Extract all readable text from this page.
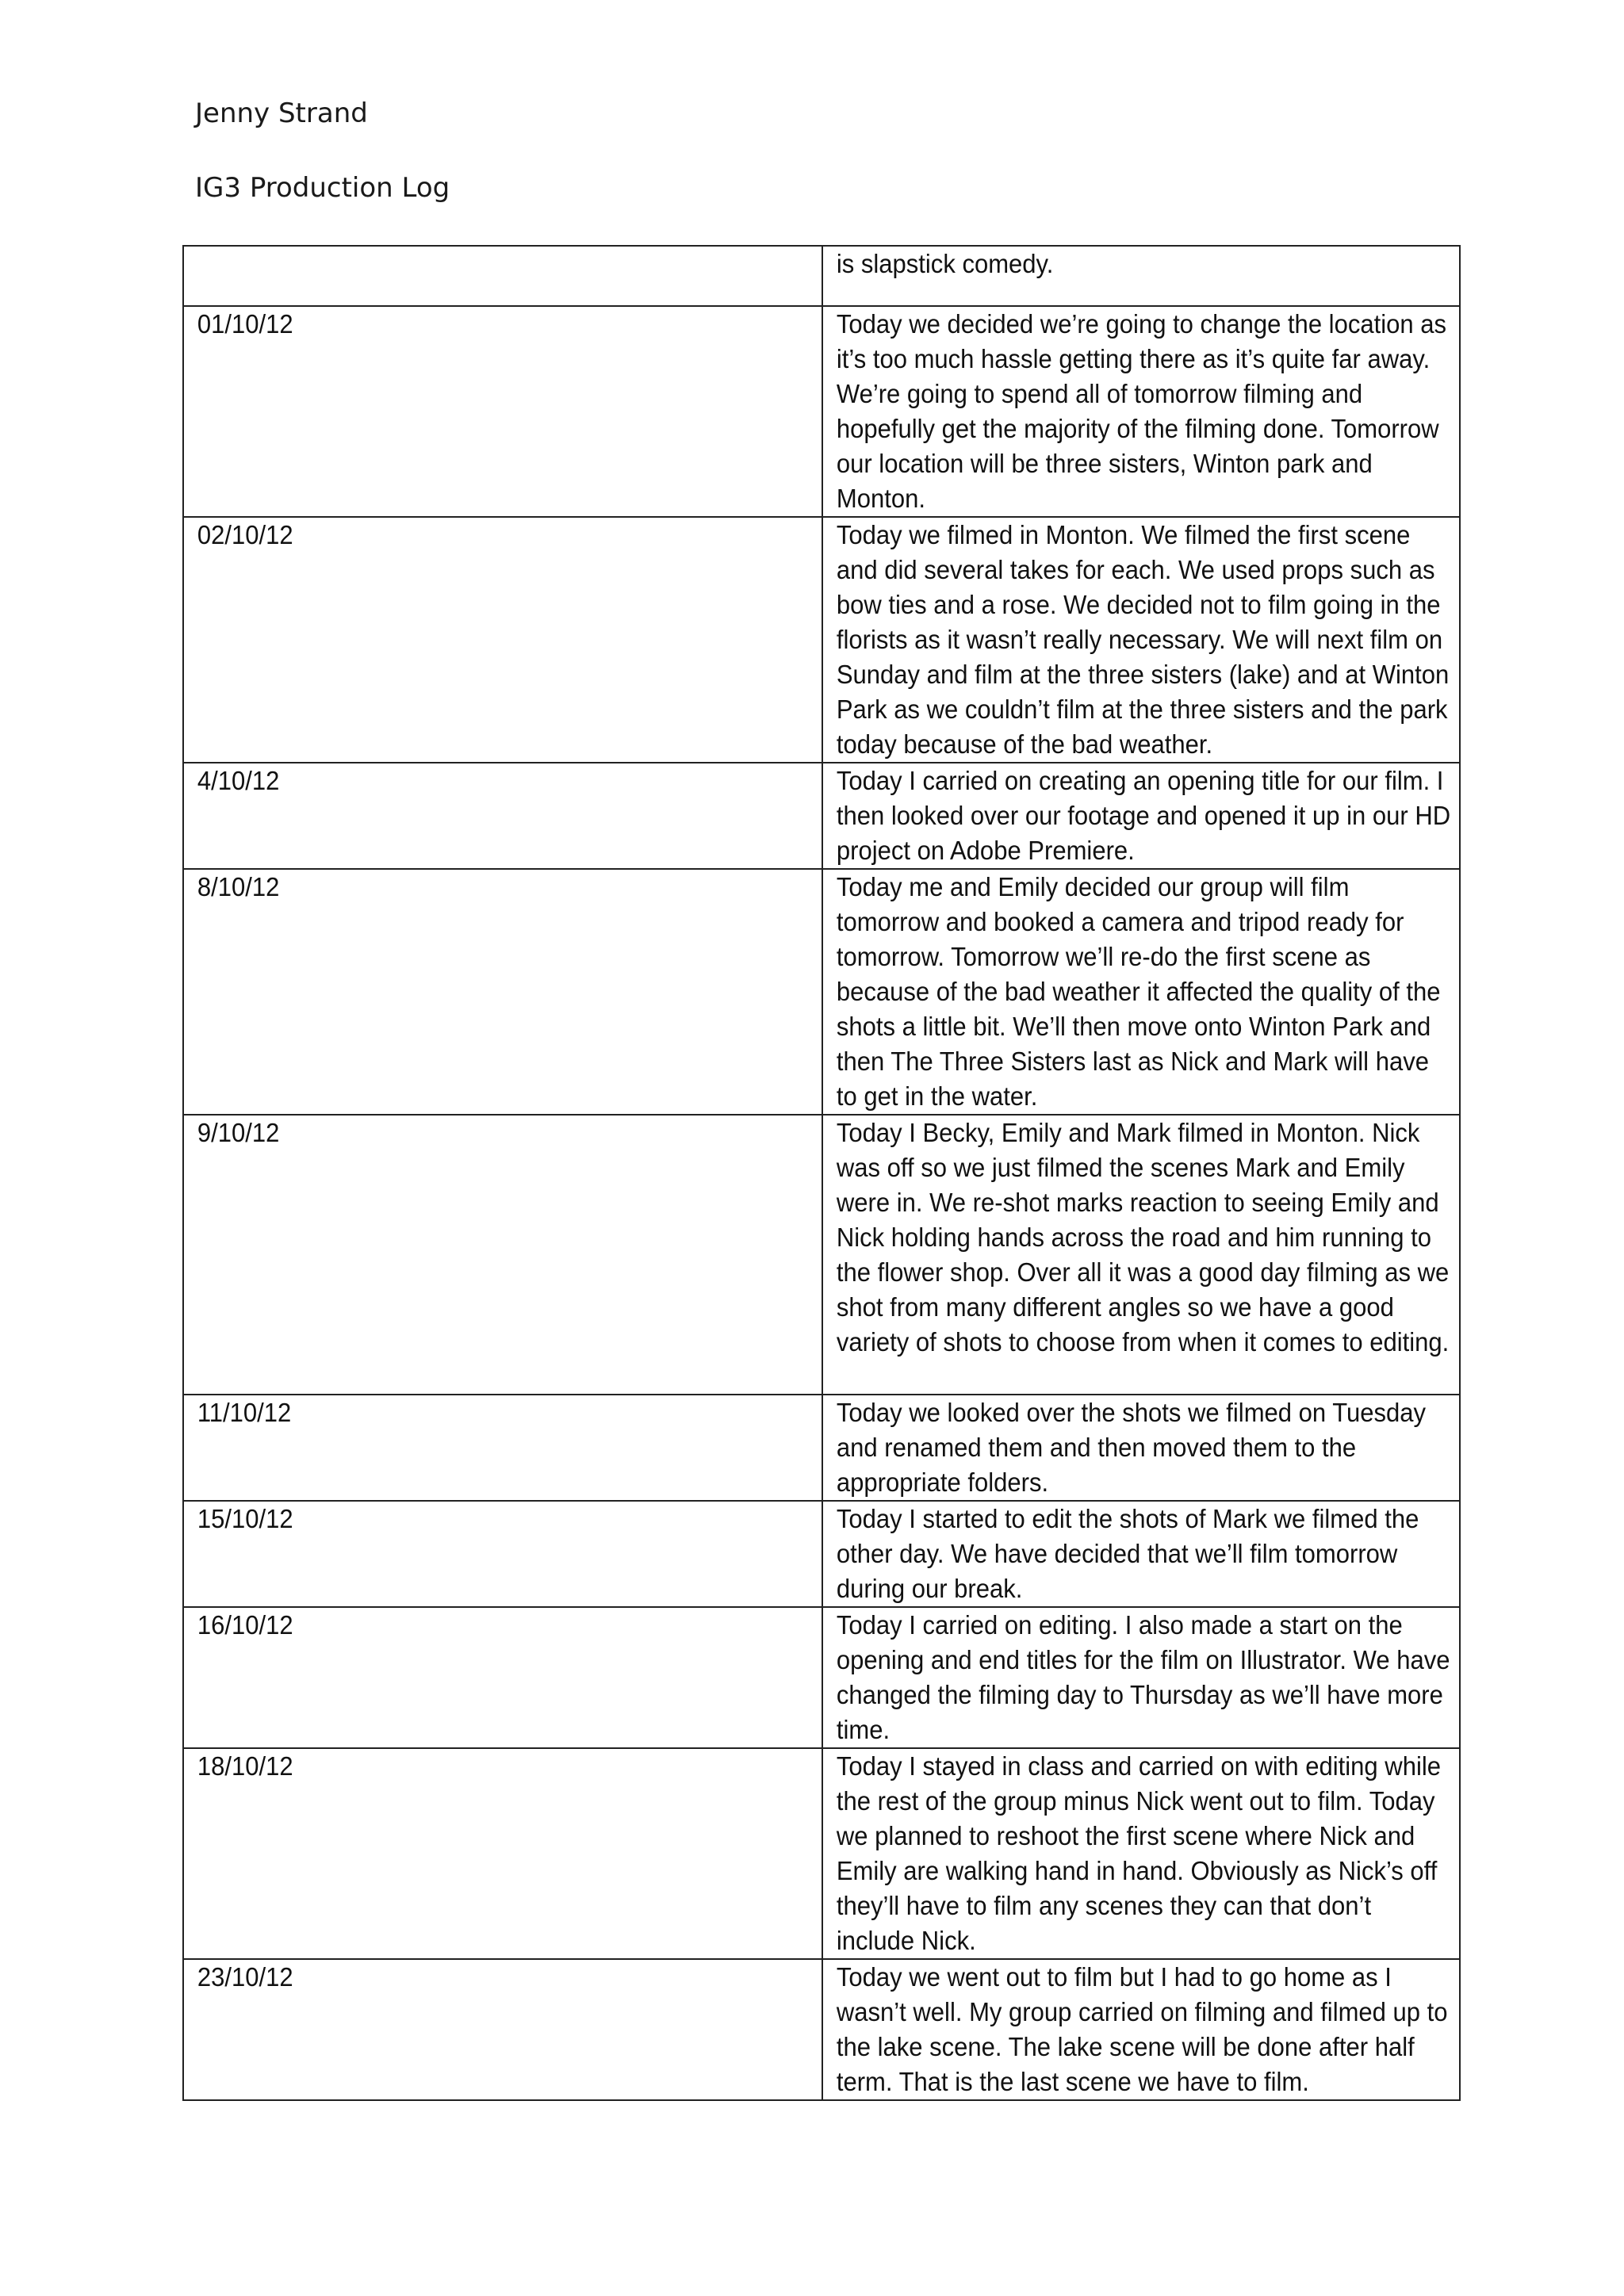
Jenny Strand

IG3 Production Log

	is slapstick comedy.

01/10/12	Today we decided we’re going to change the location as it’s too much hassle getting there as it’s quite far away. We’re going to spend all of tomorrow filming and hopefully get the majority of the filming done. Tomorrow our location will be three sisters, Winton park and Monton.

02/10/12	Today we filmed in Monton. We filmed the first scene and did several takes for each. We used props such as bow ties and a rose. We decided not to film going in the florists as it wasn’t really necessary. We will next film on Sunday and film at the three sisters (lake) and at Winton Park as we couldn’t film at the three sisters and the park today because of the bad weather.

4/10/12	Today I carried on creating an opening title for our film. I then looked over our footage and opened it up in our HD project on Adobe Premiere.

8/10/12	Today me and Emily decided our group will film tomorrow and booked a camera and tripod ready for tomorrow. Tomorrow we’ll re-do the first scene as because of the bad weather it affected the quality of the shots a little bit. We’ll then move onto Winton Park and then The Three Sisters last as Nick and Mark will have to get in the water.

9/10/12	Today I Becky, Emily and Mark filmed in Monton. Nick was off so we just filmed the scenes Mark and Emily were in. We re-shot marks reaction to seeing Emily and Nick holding hands across the road and him running to the flower shop. Over all it was a good day filming as we shot from many different angles so we have a good variety of shots to choose from when it comes to editing.

11/10/12	Today we looked over the shots we filmed on Tuesday and renamed them and then moved them to the appropriate folders.

15/10/12	Today I started to edit the shots of Mark we filmed the other day. We have decided that we’ll film tomorrow during our break.

16/10/12	Today I carried on editing. I also made a start on the opening and end titles for the film on Illustrator. We have changed the filming day to Thursday as we’ll have more time.

18/10/12	Today I stayed in class and carried on with editing while the rest of the group minus Nick went out to film. Today we planned to reshoot the first scene where Nick and Emily are walking hand in hand. Obviously as Nick’s off they’ll have to film any scenes they can that don’t include Nick.

23/10/12	Today we went out to film but I had to go home as I wasn’t well. My group carried on filming and filmed up to the lake scene. The lake scene will be done after half term. That is the last scene we have to film.
